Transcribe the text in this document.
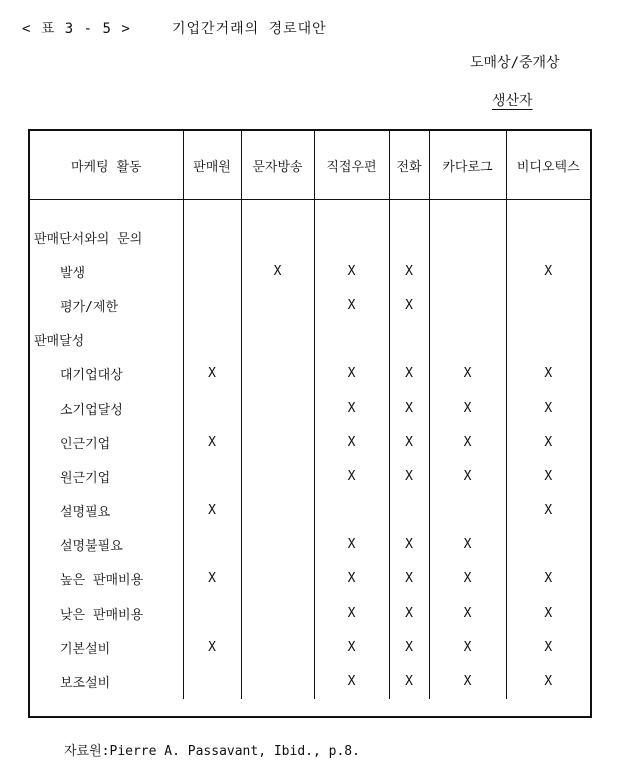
< 표 3 - 5 >	기업간거래의 경로대안
도매상/중개상
생산자
마케팅 활동	판매원	문자방송	직접우편	전화	카다로그	비디오텍스

판매단서와의 문의						
발생		X	X	X		X
평가/제한			X	X		
판매달성						
대기업대상	X		X	X	X	X
소기업달성			X	X	X	X
인근기업	X		X	X	X	X
원근기업			X	X	X	X
설명필요	X					X
설명불필요			X	X	X	
높은 판매비용	X		X	X	X	X
낮은 판매비용			X	X	X	X
기본설비	X		X	X	X	X
보조설비			X	X	X	X
자료원:Pierre A. Passavant, Ibid., p.8.
